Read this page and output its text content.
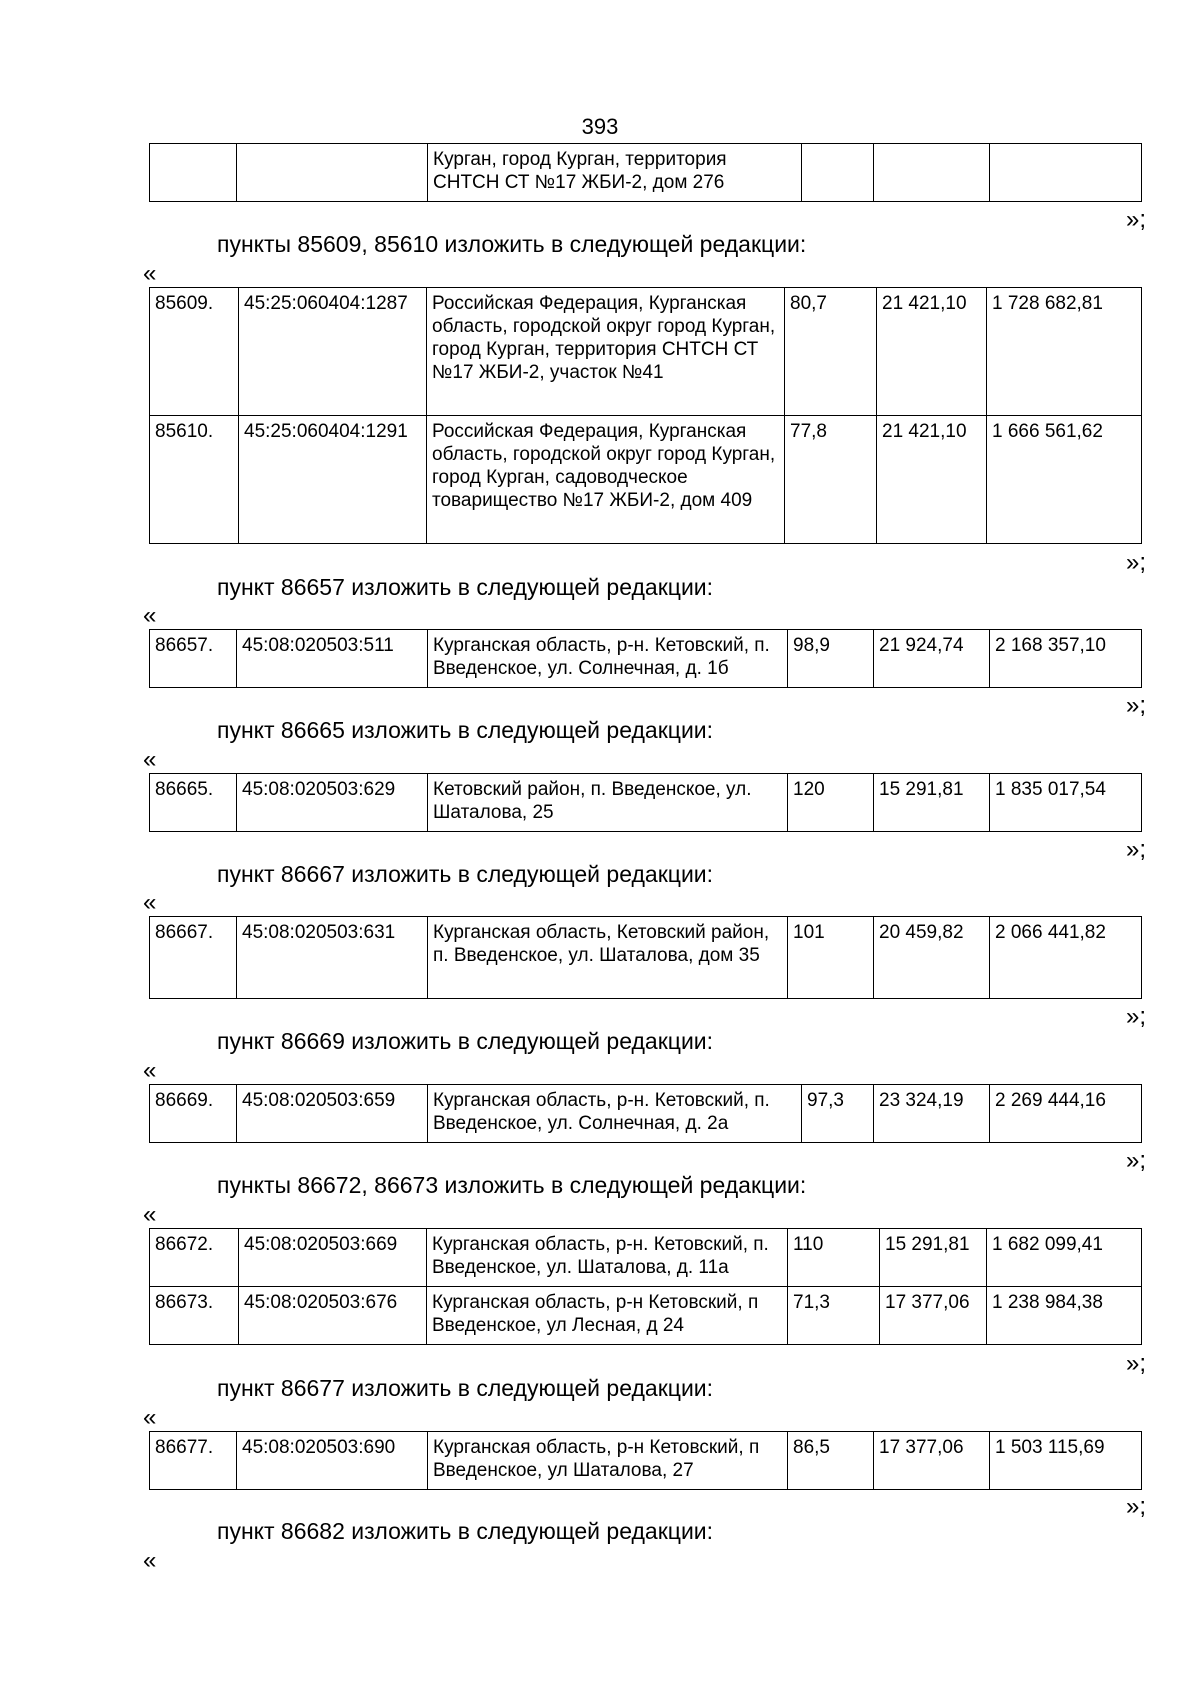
393
		Курган, город Курган, территория СНТСН СТ №17 ЖБИ-2, дом 276			
»;
пункты 85609, 85610 изложить в следующей редакции:
«
85609.	45:25:060404:1287	Российская Федерация, Курганская область, городской округ город Курган, город Курган, территория СНТСН СТ №17 ЖБИ-2, участок №41	80,7	21 421,10	1 728 682,81
85610.	45:25:060404:1291	Российская Федерация, Курганская область, городской округ город Курган, город Курган, садоводческое товарищество №17 ЖБИ-2, дом 409	77,8	21 421,10	1 666 561,62
»;
пункт 86657 изложить в следующей редакции:
«
86657.	45:08:020503:511	Курганская область, р-н. Кетовский, п. Введенское, ул. Солнечная, д. 1б	98,9	21 924,74	2 168 357,10
»;
пункт 86665 изложить в следующей редакции:
«
86665.	45:08:020503:629	Кетовский район, п. Введенское, ул. Шаталова, 25	120	15 291,81	1 835 017,54
»;
пункт 86667 изложить в следующей редакции:
«
86667.	45:08:020503:631	Курганская область, Кетовский район, п. Введенское, ул. Шаталова, дом 35	101	20 459,82	2 066 441,82
»;
пункт 86669 изложить в следующей редакции:
«
86669.	45:08:020503:659	Курганская область, р-н. Кетовский, п. Введенское, ул. Солнечная, д. 2а	97,3	23 324,19	2 269 444,16
»;
пункты 86672, 86673 изложить в следующей редакции:
«
86672.	45:08:020503:669	Курганская область, р-н. Кетовский, п. Введенское, ул. Шаталова, д. 11а	110	15 291,81	1 682 099,41
86673.	45:08:020503:676	Курганская область, р-н Кетовский, п Введенское, ул Лесная, д 24	71,3	17 377,06	1 238 984,38
»;
пункт 86677 изложить в следующей редакции:
«
86677.	45:08:020503:690	Курганская область, р-н Кетовский, п Введенское, ул Шаталова, 27	86,5	17 377,06	1 503 115,69
»;
пункт 86682 изложить в следующей редакции:
«
